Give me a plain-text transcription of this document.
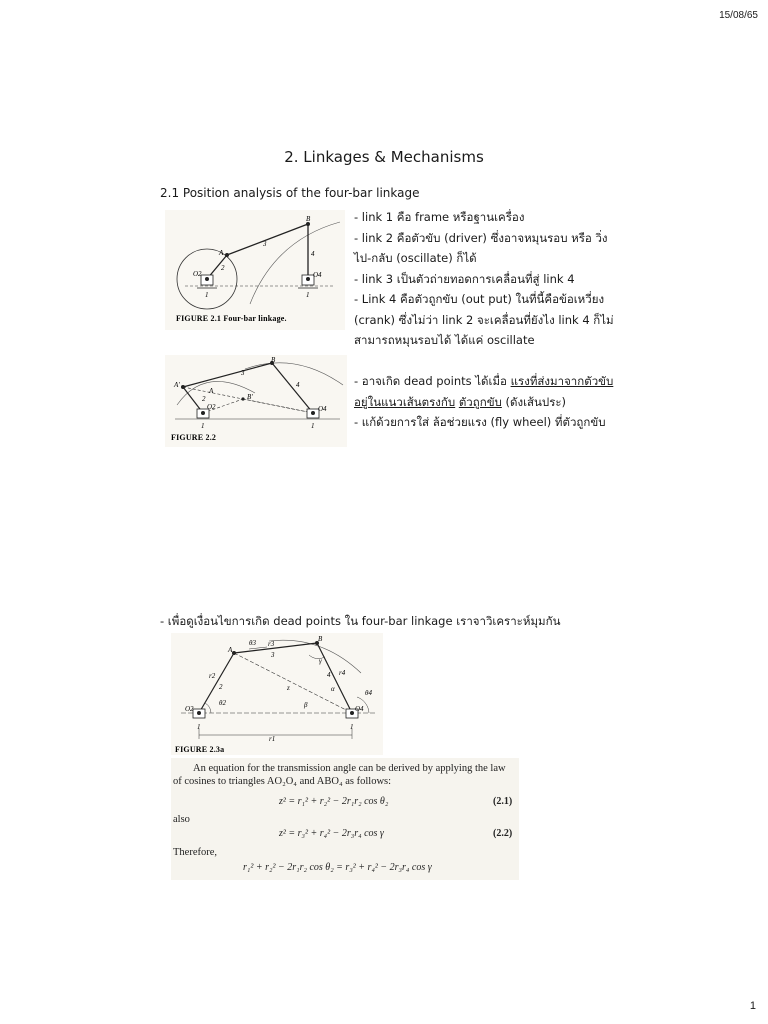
15/08/65
2. Linkages & Mechanisms
2.1 Position analysis of the four-bar linkage
B
A
O2	O4
1	1
2
3
4
FIGURE 2.1 Four-bar linkage.
- link 1 คือ frame หรือฐานเครื่อง
- link 2 คือตัวขับ (driver) ซึ่งอาจหมุนรอบ หรือ วิ่ง
ไป-กลับ (oscillate) ก็ได้
- link 3 เป็นตัวถ่ายทอดการเคลื่อนที่สู่ link 4
- Link 4 คือตัวถูกขับ (out put) ในที่นี้คือข้อเหวี่ยง
(crank) ซึ่งไม่ว่า link 2 จะเคลื่อนที่ยังไง link 4 ก็ไม่
สามารถหมุนรอบได้ ได้แค่ oscillate
B
A
A'
B'
O2	O4
1	1
2
3
4
FIGURE 2.2
- อาจเกิด dead points ได้เมื่อ แรงที่ส่งมาจากตัวขับ
อยู่ในแนวเส้นตรงกับ ตัวถูกขับ (ดังเส้นประ)
- แก้ด้วยการใส่ ล้อช่วยแรง (fly wheel) ที่ตัวถูกขับ
- เพื่อดูเงื่อนไขการเกิด dead points ใน four-bar linkage เราจาวิเคราะห์มุมกัน
A
B
O2	O4
r1
r2
r3
r4
z
θ3
θ2
θ4
γ
α
β
1	1
2
3
4
FIGURE 2.3a
An equation for the transmission angle can be derived by applying the law
of cosines to triangles AO₂O₄ and ABO₄ as follows:
z² = r₁² + r₂² − 2r₁r₂ cos θ₂	(2.1)
also
z² = r₃² + r₄² − 2r₃r₄ cos γ	(2.2)
Therefore,
r₁² + r₂² − 2r₁r₂ cos θ₂ = r₃² + r₄² − 2r₃r₄ cos γ
1
